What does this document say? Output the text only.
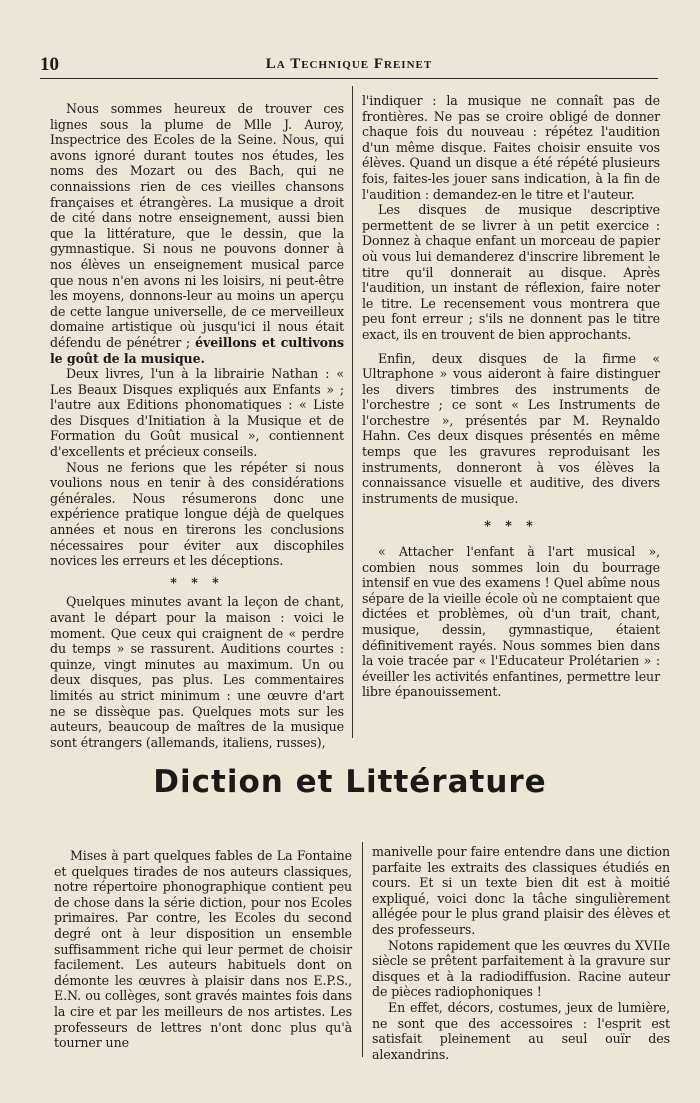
10	La Technique Freinet

Nous sommes heureux de trouver ces lignes sous la plume de Mlle J. Auroy, Inspectrice des Ecoles de la Seine. Nous, qui avons ignoré durant toutes nos études, les noms des Mozart ou des Bach, qui ne connaissions rien de ces vieilles chansons françaises et étrangères. La musique a droit de cité dans notre enseignement, aussi bien que la littérature, que le dessin, que la gymnastique. Si nous ne pouvons donner à nos élèves un enseignement musical parce que nous n'en avons ni les loisirs, ni peut-être les moyens, donnons-leur au moins un aperçu de cette langue universelle, de ce merveilleux domaine artistique où jusqu'ici il nous était défendu de pénétrer ; éveillons et cultivons le goût de la musique.

Deux livres, l'un à la librairie Nathan : « Les Beaux Disques expliqués aux Enfants » ; l'autre aux Editions phonomatiques : « Liste des Disques d'Initiation à la Musique et de Formation du Goût musical », contiennent d'excellents et précieux conseils.

Nous ne ferions que les répéter si nous voulions nous en tenir à des considérations générales. Nous résumerons donc une expérience pratique longue déjà de quelques années et nous en tirerons les conclusions nécessaires pour éviter aux discophiles novices les erreurs et les déceptions.

* * *

Quelques minutes avant la leçon de chant, avant le départ pour la maison : voici le moment. Que ceux qui craignent de « perdre du temps » se rassurent. Auditions courtes : quinze, vingt minutes au maximum. Un ou deux disques, pas plus. Les commentaires limités au strict minimum : une œuvre d'art ne se dissèque pas. Quelques mots sur les auteurs, beaucoup de maîtres de la musique sont étrangers (allemands, italiens, russes),

l'indiquer : la musique ne connaît pas de frontières. Ne pas se croire obligé de donner chaque fois du nouveau : répétez l'audition d'un même disque. Faites choisir ensuite vos élèves. Quand un disque a été répété plusieurs fois, faites-les jouer sans indication, à la fin de l'audition : demandez-en le titre et l'auteur.

Les disques de musique descriptive permettent de se livrer à un petit exercice : Donnez à chaque enfant un morceau de papier où vous lui demanderez d'inscrire librement le titre qu'il donnerait au disque. Après l'audition, un instant de réflexion, faire noter le titre. Le recensement vous montrera que peu font erreur ; s'ils ne donnent pas le titre exact, ils en trouvent de bien approchants.

Enfin, deux disques de la firme « Ultraphone » vous aideront à faire distinguer les divers timbres des instruments de l'orchestre ; ce sont « Les Instruments de l'orchestre », présentés par M. Reynaldo Hahn. Ces deux disques présentés en même temps que les gravures reproduisant les instruments, donneront à vos élèves la connaissance visuelle et auditive, des divers instruments de musique.

* * *

« Attacher l'enfant à l'art musical », combien nous sommes loin du bourrage intensif en vue des examens ! Quel abîme nous sépare de la vieille école où ne comptaient que dictées et problèmes, où d'un trait, chant, musique, dessin, gymnastique, étaient définitivement rayés. Nous sommes bien dans la voie tracée par « l'Educateur Prolétarien » : éveiller les activités enfantines, permettre leur libre épanouissement.

Diction et Littérature

Mises à part quelques fables de La Fontaine et quelques tirades de nos auteurs classiques, notre répertoire phonographique contient peu de chose dans la série diction, pour nos Ecoles primaires. Par contre, les Ecoles du second degré ont à leur disposition un ensemble suffisamment riche qui leur permet de choisir facilement. Les auteurs habituels dont on démonte les œuvres à plaisir dans nos E.P.S., E.N. ou collèges, sont gravés maintes fois dans la cire et par les meilleurs de nos artistes. Les professeurs de lettres n'ont donc plus qu'à tourner une

manivelle pour faire entendre dans une diction parfaite les extraits des classiques étudiés en cours. Et si un texte bien dit est à moitié expliqué, voici donc la tâche singulièrement allégée pour le plus grand plaisir des élèves et des professeurs.

Notons rapidement que les œuvres du XVIIe siècle se prêtent parfaitement à la gravure sur disques et à la radiodiffusion. Racine auteur de pièces radiophoniques !

En effet, décors, costumes, jeux de lumière, ne sont que des accessoires : l'esprit est satisfait pleinement au seul ouïr des alexandrins.
